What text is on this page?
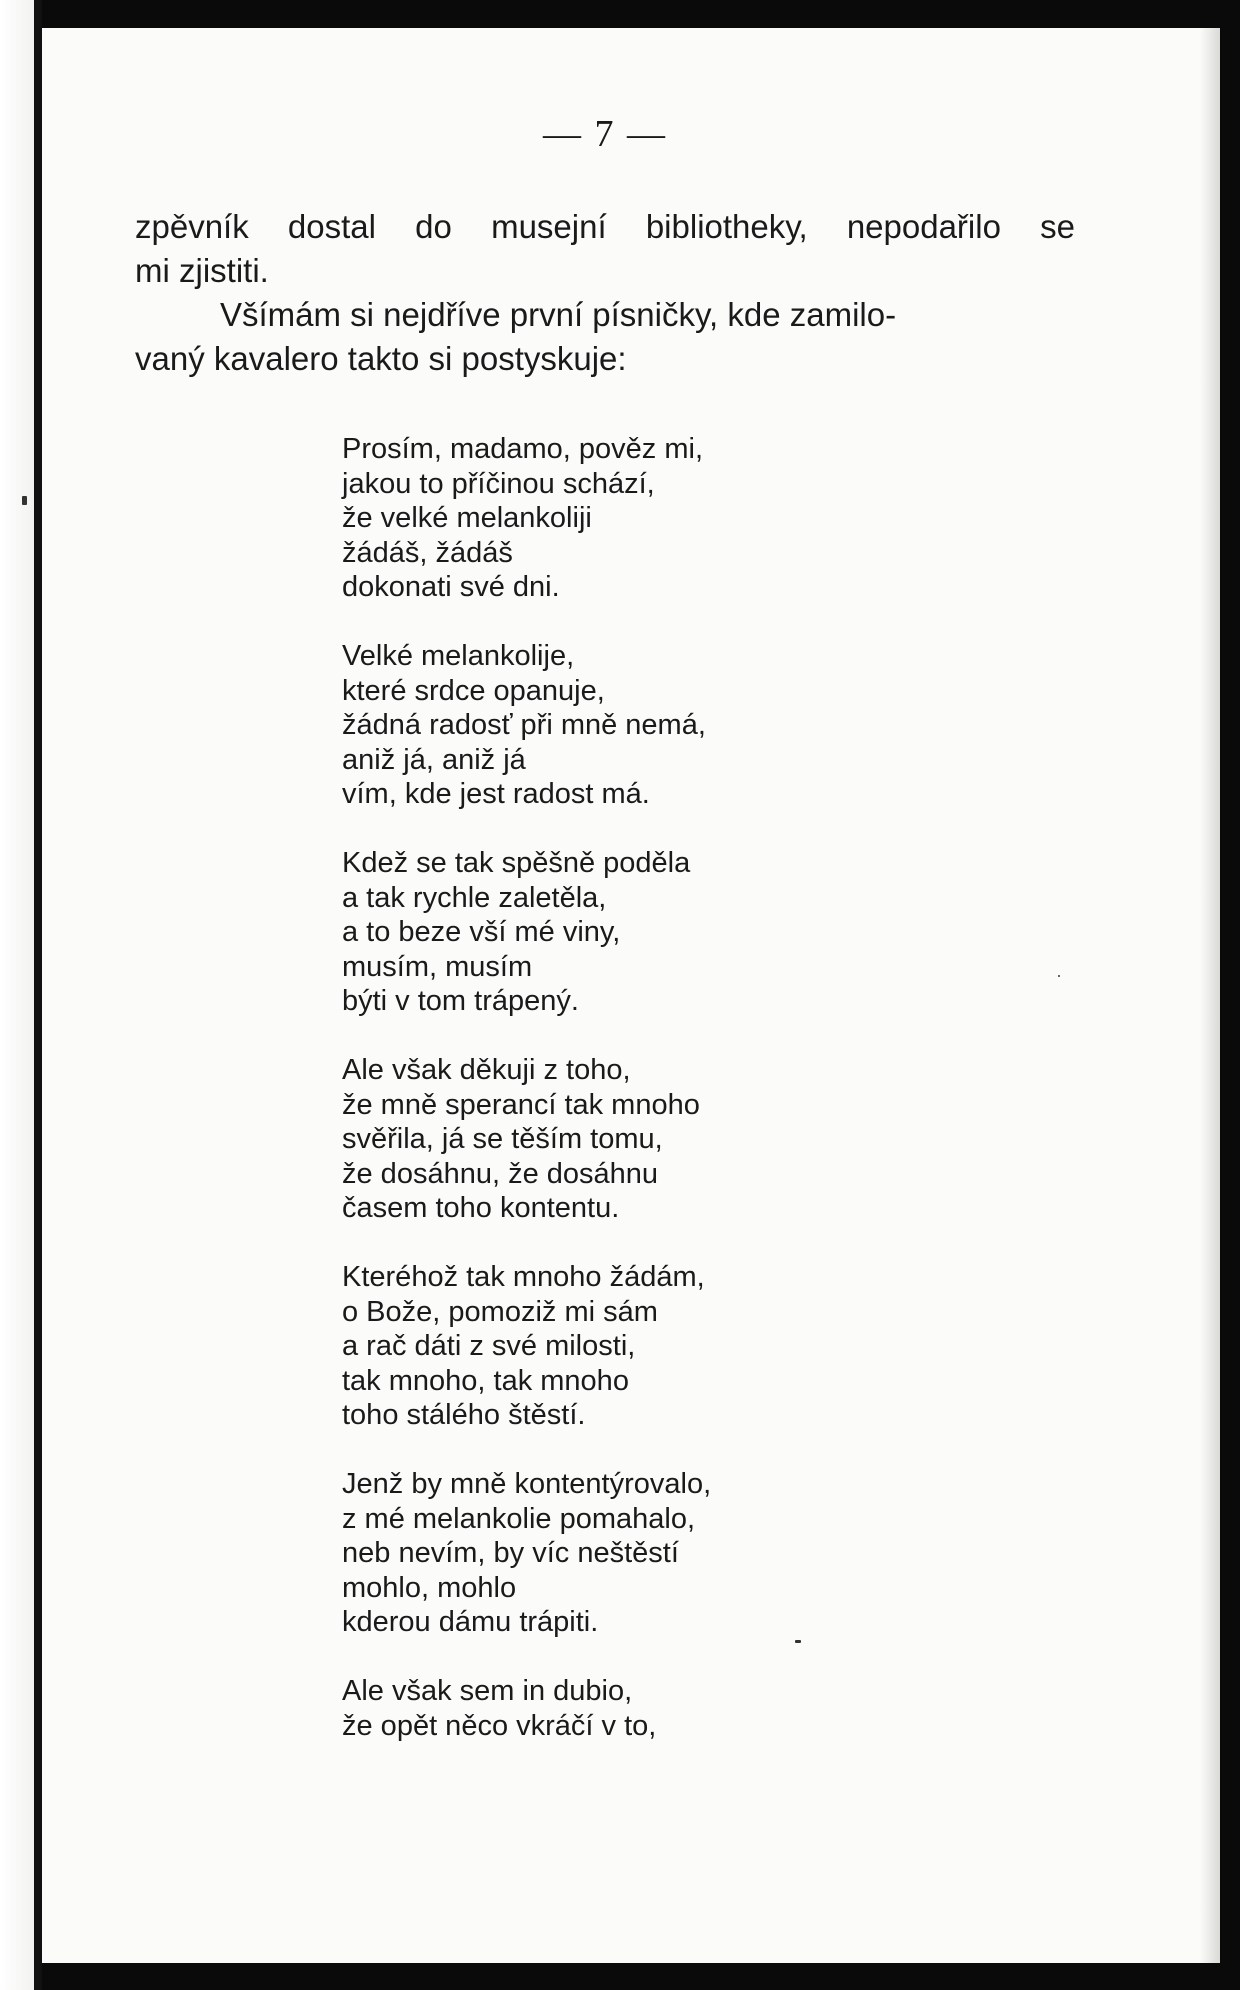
— 7 —
zpěvník dostal do musejní bibliothekу, nepodařilo se
mi zjistiti.
Všímám si nejdříve první písničky, kde zamilo-
vaný kavalero takto si postyskuje:
Prosím, madamo, pověz mi,
jakou to příčinou schází,
že velké melankoliji
žádáš, žádáš
dokonati své dni.
Velké melankolije,
které srdce opanuje,
žádná radosť při mně nemá,
aniž já, aniž já
vím, kde jest radost má.
Kdež se tak spěšně poděla
a tak rychle zaletěla,
a to beze vší mé viny,
musím, musím
býti v tom trápený.
Ale však děkuji z toho,
že mně sperancí tak mnoho
svěřila, já se těším tomu,
že dosáhnu, že dosáhnu
časem toho kontentu.
Kteréhož tak mnoho žádám,
o Bože, pomoziž mi sám
a rač dáti z své milosti,
tak mnoho, tak mnoho
toho stálého štěstí.
Jenž by mně kontentýrovalo,
z mé melankolie pomahalo,
neb nevím, by víc neštěstí
mohlo, mohlo
kderou dámu trápiti.
Ale však sem in dubio,
že opět něco vkráčí v to,
